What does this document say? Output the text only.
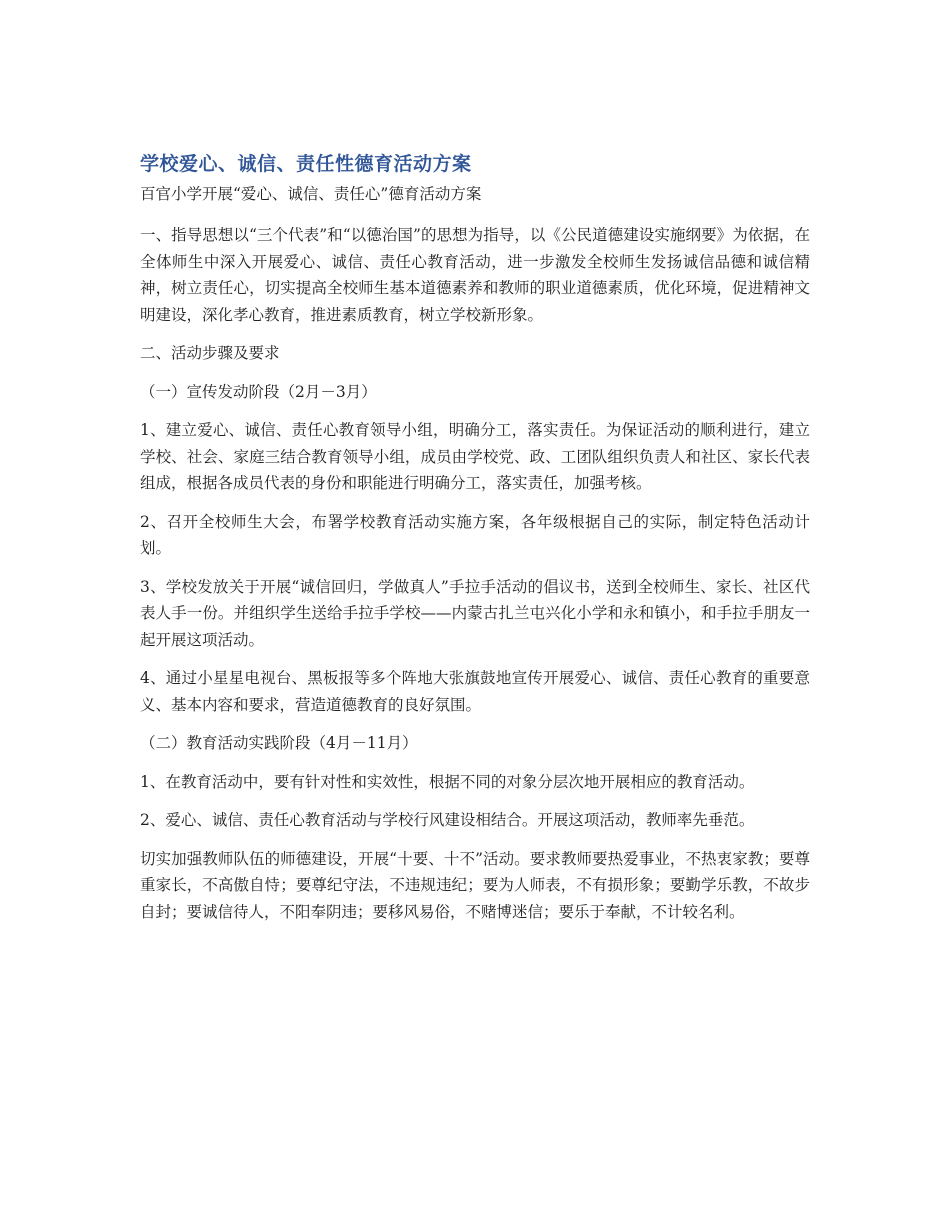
学校爱心、诚信、责任性德育活动方案
百官小学开展“爱心、诚信、责任心”德育活动方案

一、指导思想以“三个代表”和“以德治国”的思想为指导，以《公民道德建设实施纲要》为依据，在全体师生中深入开展爱心、诚信、责任心教育活动，进一步激发全校师生发扬诚信品德和诚信精神，树立责任心，切实提高全校师生基本道德素养和教师的职业道德素质，优化环境，促进精神文明建设，深化孝心教育，推进素质教育，树立学校新形象。

二、活动步骤及要求

（一）宣传发动阶段（2月－3月）

1、建立爱心、诚信、责任心教育领导小组，明确分工，落实责任。为保证活动的顺利进行，建立学校、社会、家庭三结合教育领导小组，成员由学校党、政、工团队组织负责人和社区、家长代表组成，根据各成员代表的身份和职能进行明确分工，落实责任，加强考核。

2、召开全校师生大会，布署学校教育活动实施方案，各年级根据自己的实际，制定特色活动计划。

3、学校发放关于开展“诚信回归，学做真人”手拉手活动的倡议书，送到全校师生、家长、社区代表人手一份。并组织学生送给手拉手学校——内蒙古扎兰屯兴化小学和永和镇小，和手拉手朋友一起开展这项活动。

4、通过小星星电视台、黑板报等多个阵地大张旗鼓地宣传开展爱心、诚信、责任心教育的重要意义、基本内容和要求，营造道德教育的良好氛围。

（二）教育活动实践阶段（4月－11月）

1、在教育活动中，要有针对性和实效性，根据不同的对象分层次地开展相应的教育活动。

2、爱心、诚信、责任心教育活动与学校行风建设相结合。开展这项活动，教师率先垂范。

切实加强教师队伍的师德建设，开展“十要、十不”活动。要求教师要热爱事业，不热衷家教；要尊重家长，不高傲自恃；要尊纪守法，不违规违纪；要为人师表，不有损形象；要勤学乐教，不故步自封；要诚信待人，不阳奉阴违；要移风易俗，不赌博迷信；要乐于奉献，不计较名利。
